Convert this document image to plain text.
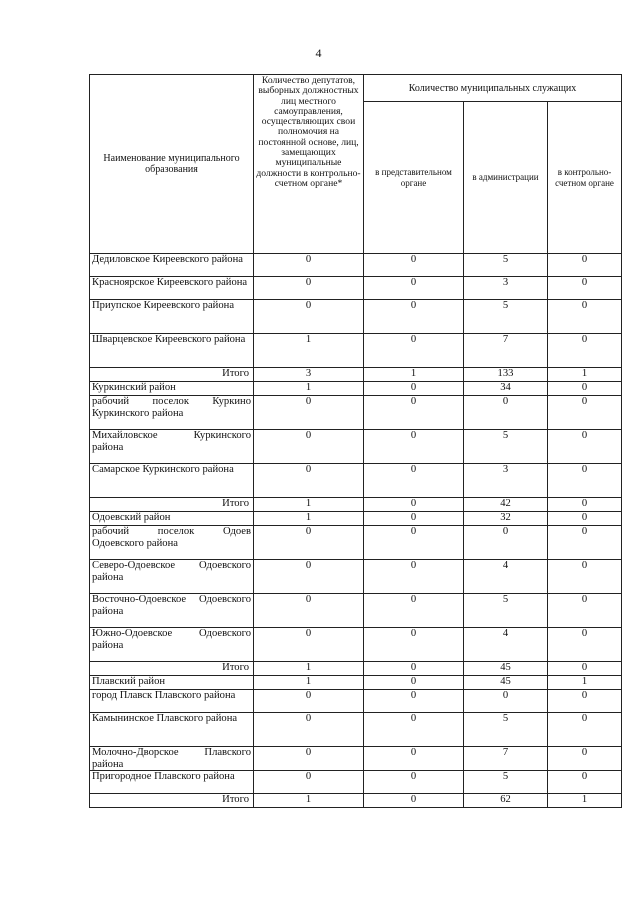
4
Наименование муниципального образования	Количество депутатов, выборных должностных лиц местного самоуправления, осуществляющих свои полномочия на постоянной основе, лиц, замещающих муниципальные должности в контрольно-счетном органе*	Количество муниципальных служащих		
		в представительном органе	в администрации	в контрольно-счетном органе
Дедиловское Киреевского района	0	0	5	0
Красноярское Киреевского района	0	0	3	0
Приупское Киреевского района	0	0	5	0
Шварцевское Киреевского района	1	0	7	0
Итого	3	1	133	1
Куркинский район	1	0	34	0
рабочий поселок Куркино Куркинского района	0	0	0	0
Михайловское Куркинского района	0	0	5	0
Самарское Куркинского района	0	0	3	0
Итого	1	0	42	0
Одоевский район	1	0	32	0
рабочий поселок Одоев Одоевского района	0	0	0	0
Северо-Одоевское Одоевского района	0	0	4	0
Восточно-Одоевское Одоевского района	0	0	5	0
Южно-Одоевское Одоевского района	0	0	4	0
Итого	1	0	45	0
Плавский район	1	0	45	1
город Плавск Плавского района	0	0	0	0
Камынинское Плавского района	0	0	5	0
Молочно-Дворское Плавского района	0	0	7	0
Пригородное Плавского района	0	0	5	0
Итого	1	0	62	1
